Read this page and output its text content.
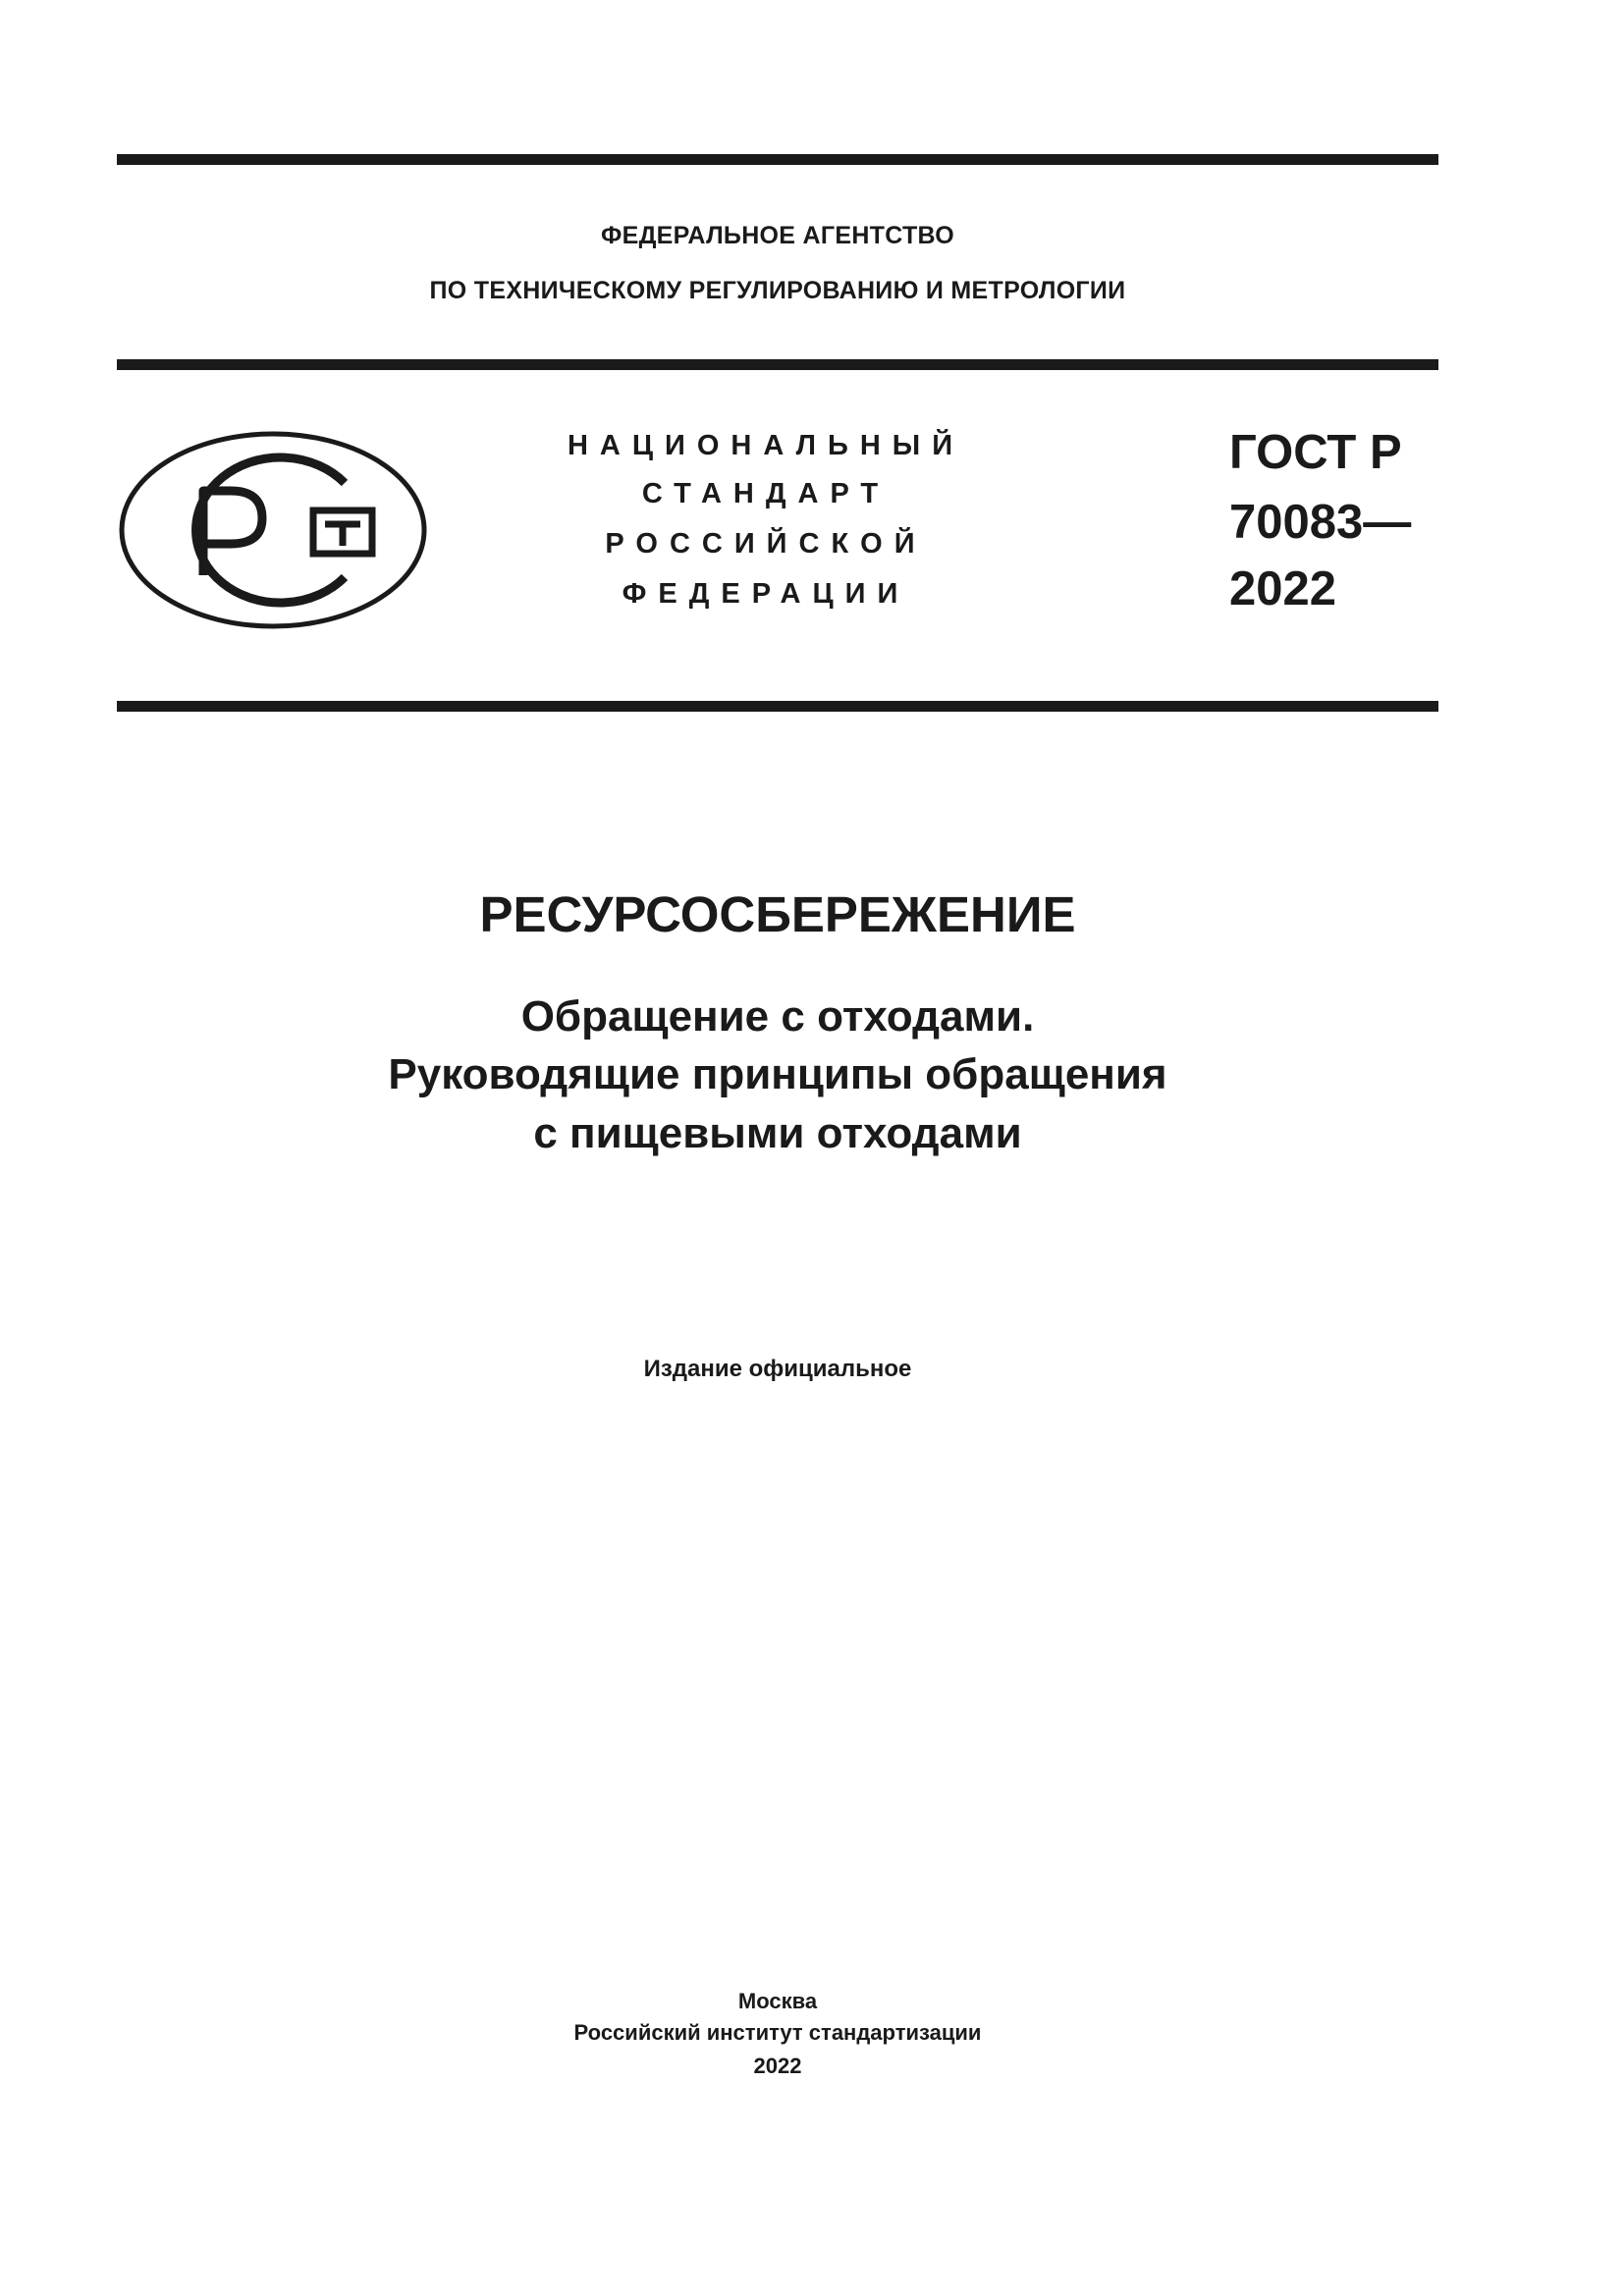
ФЕДЕРАЛЬНОЕ АГЕНТСТВО
ПО ТЕХНИЧЕСКОМУ РЕГУЛИРОВАНИЮ И МЕТРОЛОГИИ
НАЦИОНАЛЬНЫЙ
СТАНДАРТ
РОССИЙСКОЙ
ФЕДЕРАЦИИ
ГОСТ Р
70083—
2022
РЕСУРСОСБЕРЕЖЕНИЕ
Обращение с отходами.
Руководящие принципы обращения
с пищевыми отходами
Издание официальное
Москва
Российский институт стандартизации
2022
